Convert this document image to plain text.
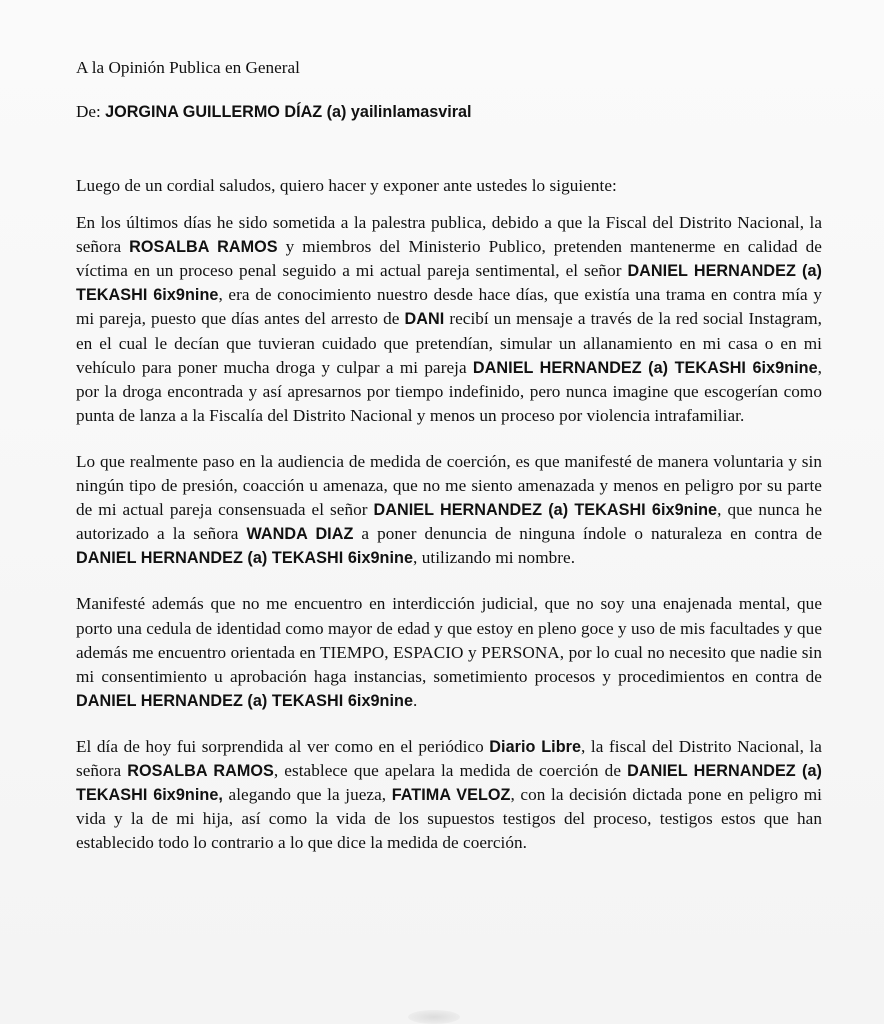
A la Opinión Publica en General

De: JORGINA GUILLERMO DÍAZ (a) yailinlamasviral

Luego de un cordial saludos, quiero hacer y exponer ante ustedes lo siguiente:

En los últimos días he sido sometida a la palestra publica, debido a que la Fiscal del Distrito Nacional, la señora ROSALBA RAMOS y miembros del Ministerio Publico, pretenden mantenerme en calidad de víctima en un proceso penal seguido a mi actual pareja sentimental, el señor DANIEL HERNANDEZ (a) TEKASHI 6ix9nine, era de conocimiento nuestro desde hace días, que existía una trama en contra mía y mi pareja, puesto que días antes del arresto de DANI recibí un mensaje a través de la red social Instagram, en el cual le decían que tuvieran cuidado que pretendían, simular un allanamiento en mi casa o en mi vehículo para poner mucha droga y culpar a mi pareja DANIEL HERNANDEZ (a) TEKASHI 6ix9nine, por la droga encontrada y así apresarnos por tiempo indefinido, pero nunca imagine que escogerían como punta de lanza a la Fiscalía del Distrito Nacional y menos un proceso por violencia intrafamiliar.

Lo que realmente paso en la audiencia de medida de coerción, es que manifesté de manera voluntaria y sin ningún tipo de presión, coacción u amenaza, que no me siento amenazada y menos en peligro por su parte de mi actual pareja consensuada el señor DANIEL HERNANDEZ (a) TEKASHI 6ix9nine, que nunca he autorizado a la señora WANDA DIAZ a poner denuncia de ninguna índole o naturaleza en contra de DANIEL HERNANDEZ (a) TEKASHI 6ix9nine, utilizando mi nombre.

Manifesté además que no me encuentro en interdicción judicial, que no soy una enajenada mental, que porto una cedula de identidad como mayor de edad y que estoy en pleno goce y uso de mis facultades y que además me encuentro orientada en TIEMPO, ESPACIO y PERSONA, por lo cual no necesito que nadie sin mi consentimiento u aprobación haga instancias, sometimiento procesos y procedimientos en contra de DANIEL HERNANDEZ (a) TEKASHI 6ix9nine.

El día de hoy fui sorprendida al ver como en el periódico Diario Libre, la fiscal del Distrito Nacional, la señora ROSALBA RAMOS, establece que apelara la medida de coerción de DANIEL HERNANDEZ (a) TEKASHI 6ix9nine, alegando que la jueza, FATIMA VELOZ, con la decisión dictada pone en peligro mi vida y la de mi hija, así como la vida de los supuestos testigos del proceso, testigos estos que han establecido todo lo contrario a lo que dice la medida de coerción.
